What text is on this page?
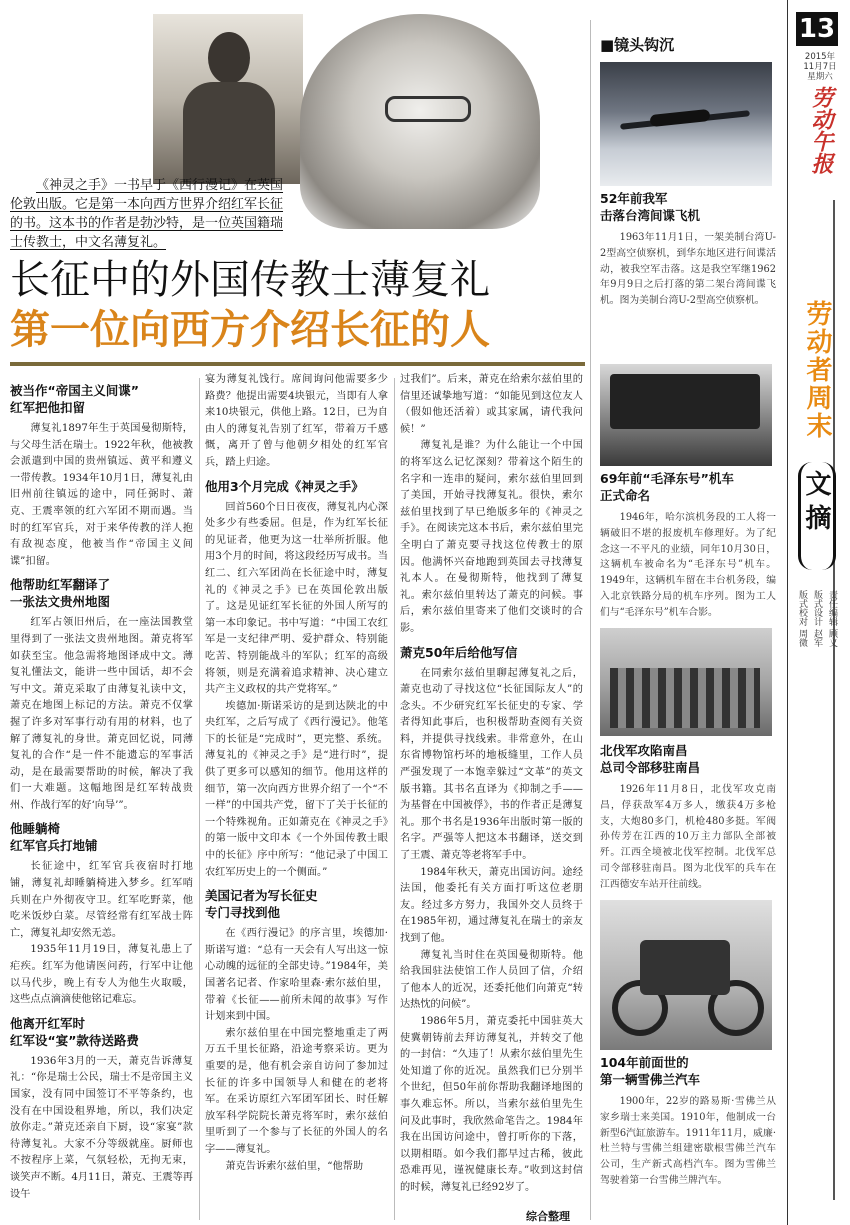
13
2015年
11月7日
星期六
劳动午报
劳动者周末
文摘
责任编辑 顾义
版式设计 赵军
版式校对 周微
《神灵之手》一书早于《西行漫记》在英国伦敦出版。它是第一本向西方世界介绍红军长征的书。这本书的作者是勃沙特，是一位英国籍瑞士传教士，中文名薄复礼。
长征中的外国传教士薄复礼
第一位向西方介绍长征的人
被当作“帝国主义间谍”
红军把他扣留

薄复礼1897年生于英国曼彻斯特，与父母生活在瑞士。1922年秋，他被教会派遣到中国的贵州镇远、黄平和遵义一带传教。1934年10月1日，薄复礼由旧州前往镇远的途中，同任弼时、萧克、王震率领的红六军团不期而遇。当时的红军官兵，对于来华传教的洋人抱有敌视态度，他被当作“帝国主义间谍”扣留。

他帮助红军翻译了
一张法文贵州地图

红军占领旧州后，在一座法国教堂里得到了一张法文贵州地图。萧克将军如获至宝。他急需将地图译成中文。薄复礼懂法文，能讲一些中国话，却不会写中文。萧克采取了由薄复礼读中文，萧克在地图上标记的方法。萧克不仅掌握了许多对军事行动有用的材料，也了解了薄复礼的身世。萧克回忆说，同薄复礼的合作“是一件不能遗忘的军事活动，是在最需要帮助的时候，解决了我们一大难题。这幅地图是红军转战贵州、作战行军的好‘向导’”。

他睡躺椅
红军官兵打地铺

长征途中，红军官兵夜宿时打地铺，薄复礼却睡躺椅进入梦乡。红军哨兵则在户外彻夜守卫。红军吃野菜，他吃米饭炒白菜。尽管经常有红军战士阵亡，薄复礼却安然无恙。

1935年11月19日，薄复礼患上了疟疾。红军为他请医问药，行军中让他以马代步，晚上有专人为他生火取暖，这些点点滴滴使他铭记难忘。

他离开红军时
红军设“宴”款待送路费

1936年3月的一天，萧克告诉薄复礼：“你是瑞士公民，瑞士不是帝国主义国家，没有同中国签订不平等条约，也没有在中国设租界地，所以，我们决定放你走。”萧克还亲自下厨，设“家宴”款待薄复礼。大家不分等级就座。厨师也不按程序上菜，气氛轻松，无拘无束，谈笑声不断。4月11日，萧克、王震等再设午

宴为薄复礼饯行。席间询问他需要多少路费？他提出需要4块银元，当即有人拿来10块银元，供他上路。12日，已为自由人的薄复礼告别了红军，带着万千感慨，离开了曾与他朝夕相处的红军官兵，踏上归途。

他用3个月完成《神灵之手》

回首560个日日夜夜，薄复礼内心深处多少有些委屈。但是，作为红军长征的见证者，他更为这一壮举所折服。他用3个月的时间，将这段经历写成书。当红二、红六军团尚在长征途中时，薄复礼的《神灵之手》已在英国伦敦出版了。这是见证红军长征的外国人所写的第一本印象记。书中写道：“中国工农红军是一支纪律严明、爱护群众、特别能吃苦、特别能战斗的军队；红军的高级将领，则是充满着追求精神、决心建立共产主义政权的共产党将军。”

埃德加·斯诺采访的是到达陕北的中央红军，之后写成了《西行漫记》。他笔下的长征是“完成时”，更完整、系统。薄复礼的《神灵之手》是“进行时”，提供了更多可以感知的细节。他用这样的细节，第一次向西方世界介绍了一个“不一样”的中国共产党，留下了关于长征的一个特殊视角。正如萧克在《神灵之手》的第一版中文印本《一个外国传教士眼中的长征》序中所写：“他记录了中国工农红军历史上的一个侧面。”

美国记者为写长征史
专门寻找到他

在《西行漫记》的序言里，埃德加·斯诺写道：“总有一天会有人写出这一惊心动魄的远征的全部史诗。”1984年，美国著名记者、作家哈里森·索尔兹伯里，带着《长征——前所未闻的故事》写作计划来到中国。

索尔兹伯里在中国完整地重走了两万五千里长征路，沿途考察采访。更为重要的是，他有机会亲自访问了参加过长征的许多中国领导人和健在的老将军。在采访原红六军团军团长、时任解放军科学院院长萧克将军时，索尔兹伯里听到了一个参与了长征的外国人的名字——薄复礼。

萧克告诉索尔兹伯里，“他帮助

过我们”。后来，萧克在给索尔兹伯里的信里还诚挚地写道：“如能见到这位友人（假如他还活着）或其家属，请代我问候！”

薄复礼是谁？为什么能让一个中国的将军这么记忆深刻？带着这个陌生的名字和一连串的疑问，索尔兹伯里回到了美国，开始寻找薄复礼。很快，索尔兹伯里找到了早已绝版多年的《神灵之手》。在阅读完这本书后，索尔兹伯里完全明白了萧克要寻找这位传教士的原因。他满怀兴奋地跑到英国去寻找薄复礼本人。在曼彻斯特，他找到了薄复礼。索尔兹伯里转达了萧克的问候。事后，索尔兹伯里寄来了他们交谈时的合影。

萧克50年后给他写信

在同索尔兹伯里聊起薄复礼之后，萧克也动了寻找这位“长征国际友人”的念头。不少研究红军长征史的专家、学者得知此事后，也积极帮助查阅有关资料，并提供寻找线索。非常意外，在山东省博物馆朽坏的地板缝里，工作人员严强发现了一本饱幸躲过“文革”的英文版书籍。其书名直译为《抑制之手——为基督在中国被俘》，书的作者正是薄复礼。那个书名是1936年出版时第一版的名字。严强等人把这本书翻译，送交到了王震、萧克等老将军手中。

1984年秋天，萧克出国访问。途经法国，他委托有关方面打听这位老朋友。经过多方努力，我国外交人员终于在1985年初，通过薄复礼在瑞士的亲友找到了他。

薄复礼当时住在英国曼彻斯特。他给我国驻法使馆工作人员回了信，介绍了他本人的近况，还委托他们向萧克“转达热忱的问候”。

1986年5月，萧克委托中国驻英大使冀朝铸前去拜访薄复礼，并转交了他的一封信：“久违了！从索尔兹伯里先生处知道了你的近况。虽然我们已分别半个世纪，但50年前你帮助我翻译地图的事久难忘怀。所以，当索尔兹伯里先生问及此事时，我欣然命笔告之。1984年我在出国访问途中，曾打听你的下落，以期相晤。如今我们都早过古稀，彼此恐难再见，谨祝健康长寿。”收到这封信的时候，薄复礼已经92岁了。

综合整理
■镜头钩沉
52年前我军
击落台湾间谍飞机

1963年11月1日，一架美制台湾U-2型高空侦察机，到华东地区进行间谍活动，被我空军击落。这是我空军继1962年9月9日之后打落的第二架台湾间谍飞机。图为美制台湾U-2型高空侦察机。

69年前“毛泽东号”机车
正式命名

1946年，哈尔滨机务段的工人将一辆破旧不堪的报废机车修理好。为了纪念这一不平凡的业绩，同年10月30日，这辆机车被命名为“毛泽东号”机车。1949年，这辆机车留在丰台机务段，编入北京铁路分局的机车序列。图为工人们与“毛泽东号”机车合影。

北伐军攻陷南昌
总司令部移驻南昌

1926年11月8日，北伐军攻克南昌，俘获敌军4万多人，缴获4万多枪支，大炮80多门，机枪480多挺。军阀孙传芳在江西的10万主力部队全部被歼。江西全境被北伐军控制。北伐军总司令部移驻南昌。图为北伐军的兵车在江西德安车站开往前线。

104年前面世的
第一辆雪佛兰汽车

1900年，22岁的路易斯·雪佛兰从家乡瑞士来美国。1910年，他制成一台新型6汽缸旅游车。1911年11月，威廉·杜兰特与雪佛兰组建密歇根雪佛兰汽车公司，生产新式高档汽车。图为雪佛兰驾驶着第一台雪佛兰牌汽车。
